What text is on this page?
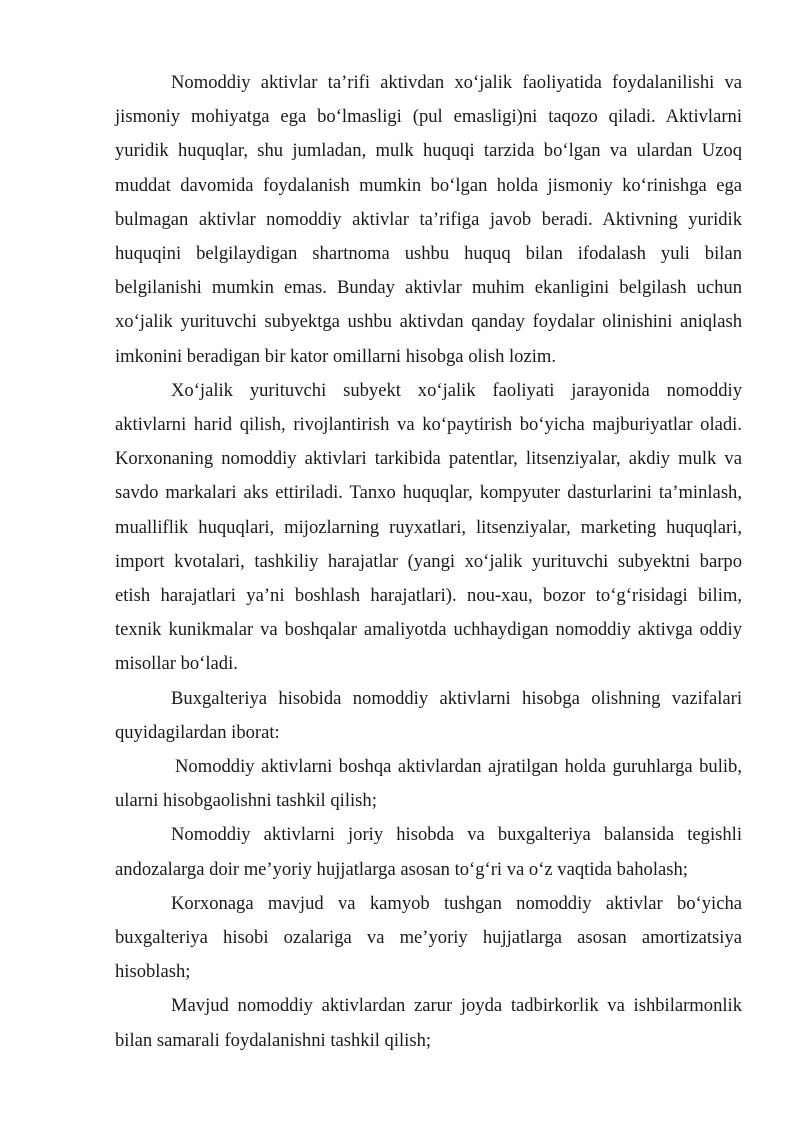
Nomoddiy aktivlar ta’rifi aktivdan xo‘jalik faoliyatida foydalanilishi va jismoniy mohiyatga ega bo‘lmasligi (pul emasligi)ni taqozo qiladi. Aktivlarni yuridik huquqlar, shu jumladan, mulk huquqi tarzida bo‘lgan va ulardan Uzoq muddat davomida foydalanish mumkin bo‘lgan holda jismoniy ko‘rinishga ega bulmagan aktivlar nomoddiy aktivlar ta’rifiga javob beradi. Aktivning yuridik huquqini belgilaydigan shartnoma ushbu huquq bilan ifodalash yuli bilan belgilanishi mumkin emas. Bunday aktivlar muhim ekanligini belgilash uchun xo‘jalik yurituvchi subyektga ushbu aktivdan qanday foydalar olinishini aniqlash imkonini beradigan bir kator omillarni hisobga olish lozim.

Xo‘jalik yurituvchi subyekt xo‘jalik faoliyati jarayonida nomoddiy aktivlarni harid qilish, rivojlantirish va ko‘paytirish bo‘yicha majburiyatlar oladi. Korxonaning nomoddiy aktivlari tarkibida patentlar, litsenziyalar, akdiy mulk va savdo markalari aks ettiriladi. Tanxo huquqlar, kompyuter dasturlarini ta’minlash, mualliflik huquqlari, mijozlarning ruyxatlari, litsenziyalar, marketing huquqlari, import kvotalari, tashkiliy harajatlar (yangi xo‘jalik yurituvchi subyektni barpo etish harajatlari ya’ni boshlash harajatlari). nou-xau, bozor to‘g‘risidagi bilim, texnik kunikmalar va boshqalar amaliyotda uchhaydigan nomoddiy aktivga oddiy misollar bo‘ladi.

Buxgalteriya hisobida nomoddiy aktivlarni hisobga olishning vazifalari quyidagilardan iborat:

Nomoddiy aktivlarni boshqa aktivlardan ajratilgan holda guruhlarga bulib, ularni hisobgaolishni tashkil qilish;

Nomoddiy aktivlarni joriy hisobda va buxgalteriya balansida tegishli andozalarga doir me’yoriy hujjatlarga asosan to‘g‘ri va o‘z vaqtida baholash;

Korxonaga mavjud va kamyob tushgan nomoddiy aktivlar bo‘yicha buxgalteriya hisobi ozalariga va me’yoriy hujjatlarga asosan amortizatsiya hisoblash;

Mavjud nomoddiy aktivlardan zarur joyda tadbirkorlik va ishbilarmonlik bilan samarali foydalanishni tashkil qilish;
